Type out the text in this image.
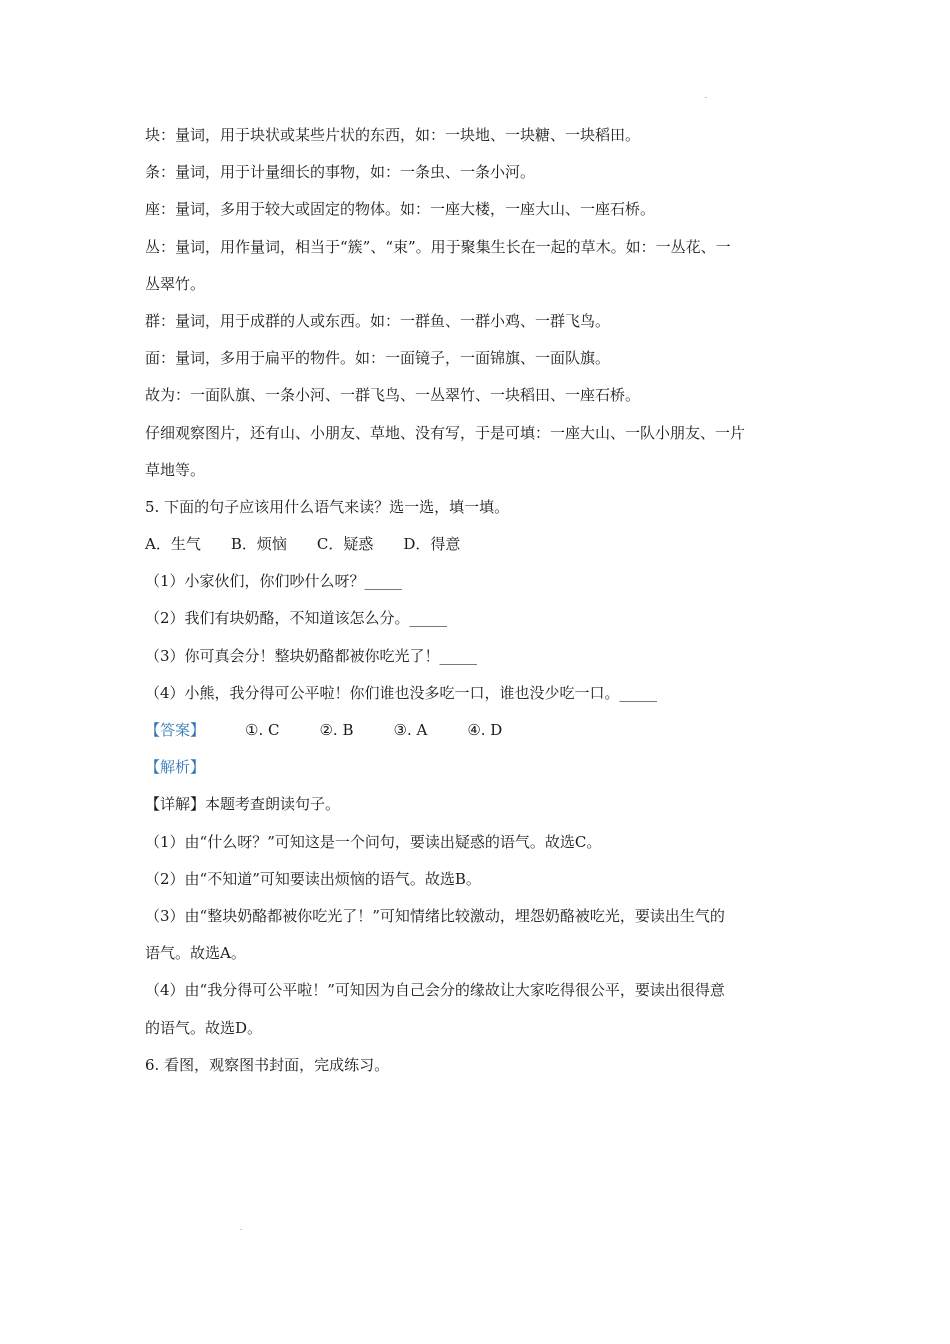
块：量词，用于块状或某些片状的东西，如：一块地、一块糖、一块稻田。
条：量词，用于计量细长的事物，如：一条虫、一条小河。
座：量词，多用于较大或固定的物体。如：一座大楼，一座大山、一座石桥。
丛：量词，用作量词，相当于“簇”、“束”。用于聚集生长在一起的草木。如：一丛花、一
丛翠竹。
群：量词，用于成群的人或东西。如：一群鱼、一群小鸡、一群飞鸟。
面：量词，多用于扁平的物件。如：一面镜子，一面锦旗、一面队旗。
故为：一面队旗、一条小河、一群飞鸟、一丛翠竹、一块稻田、一座石桥。
仔细观察图片，还有山、小朋友、草地、没有写，于是可填：一座大山、一队小朋友、一片
草地等。
5. 下面的句子应该用什么语气来读？选一选，填一填。
A．生气　　B．烦恼　　C．疑惑　　D．得意
（1）小家伙们，你们吵什么呀？_____
（2）我们有块奶酪，不知道该怎么分。_____
（3）你可真会分！整块奶酪都被你吃光了！_____
（4）小熊，我分得可公平啦！你们谁也没多吃一口，谁也没少吃一口。_____
【答案】	①. C	②. B	③. A	④. D
【解析】
【详解】本题考查朗读句子。
（1）由“什么呀？”可知这是一个问句，要读出疑惑的语气。故选C。
（2）由“不知道”可知要读出烦恼的语气。故选B。
（3）由“整块奶酪都被你吃光了！”可知情绪比较激动，埋怨奶酪被吃光，要读出生气的
语气。故选A。
（4）由“我分得可公平啦！”可知因为自己会分的缘故让大家吃得很公平，要读出很得意
的语气。故选D。
6. 看图，观察图书封面，完成练习。
